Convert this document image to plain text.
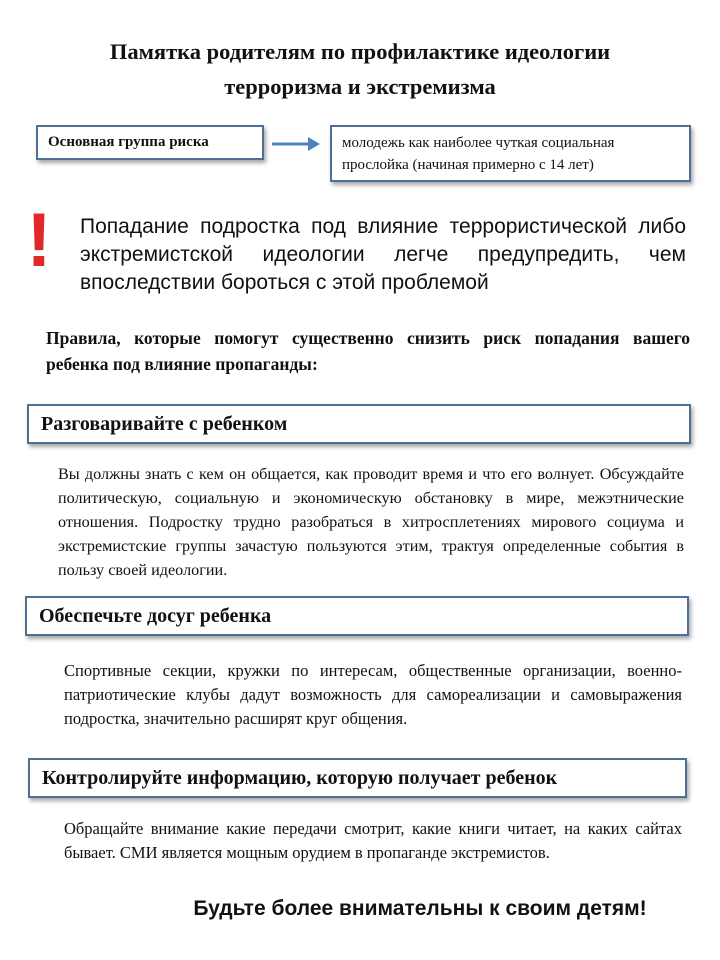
Памятка родителям по профилактике идеологии
терроризма и экстремизма
Основная группа риска	молодежь как наиболее чуткая социальная прослойка (начиная примерно с 14 лет)
! Попадание подростка под влияние террористической либо экстремистской идеологии легче предупредить, чем впоследствии бороться с этой проблемой
Правила, которые помогут существенно снизить риск попадания вашего ребенка под влияние пропаганды:
Разговаривайте с ребенком
Вы должны знать с кем он общается, как проводит время и что его волнует. Обсуждайте политическую, социальную и экономическую обстановку в мире, межэтнические отношения. Подростку трудно разобраться в хитросплетениях мирового социума и экстремистские группы зачастую пользуются этим, трактуя определенные события в пользу своей идеологии.
Обеспечьте досуг ребенка
Спортивные секции, кружки по интересам, общественные организации, военно-патриотические клубы дадут возможность для самореализации и самовыражения подростка, значительно расширят круг общения.
Контролируйте информацию, которую получает ребенок
Обращайте внимание какие передачи смотрит, какие книги читает, на каких сайтах бывает. СМИ является мощным орудием в пропаганде экстремистов.
Будьте более внимательны к своим детям!
